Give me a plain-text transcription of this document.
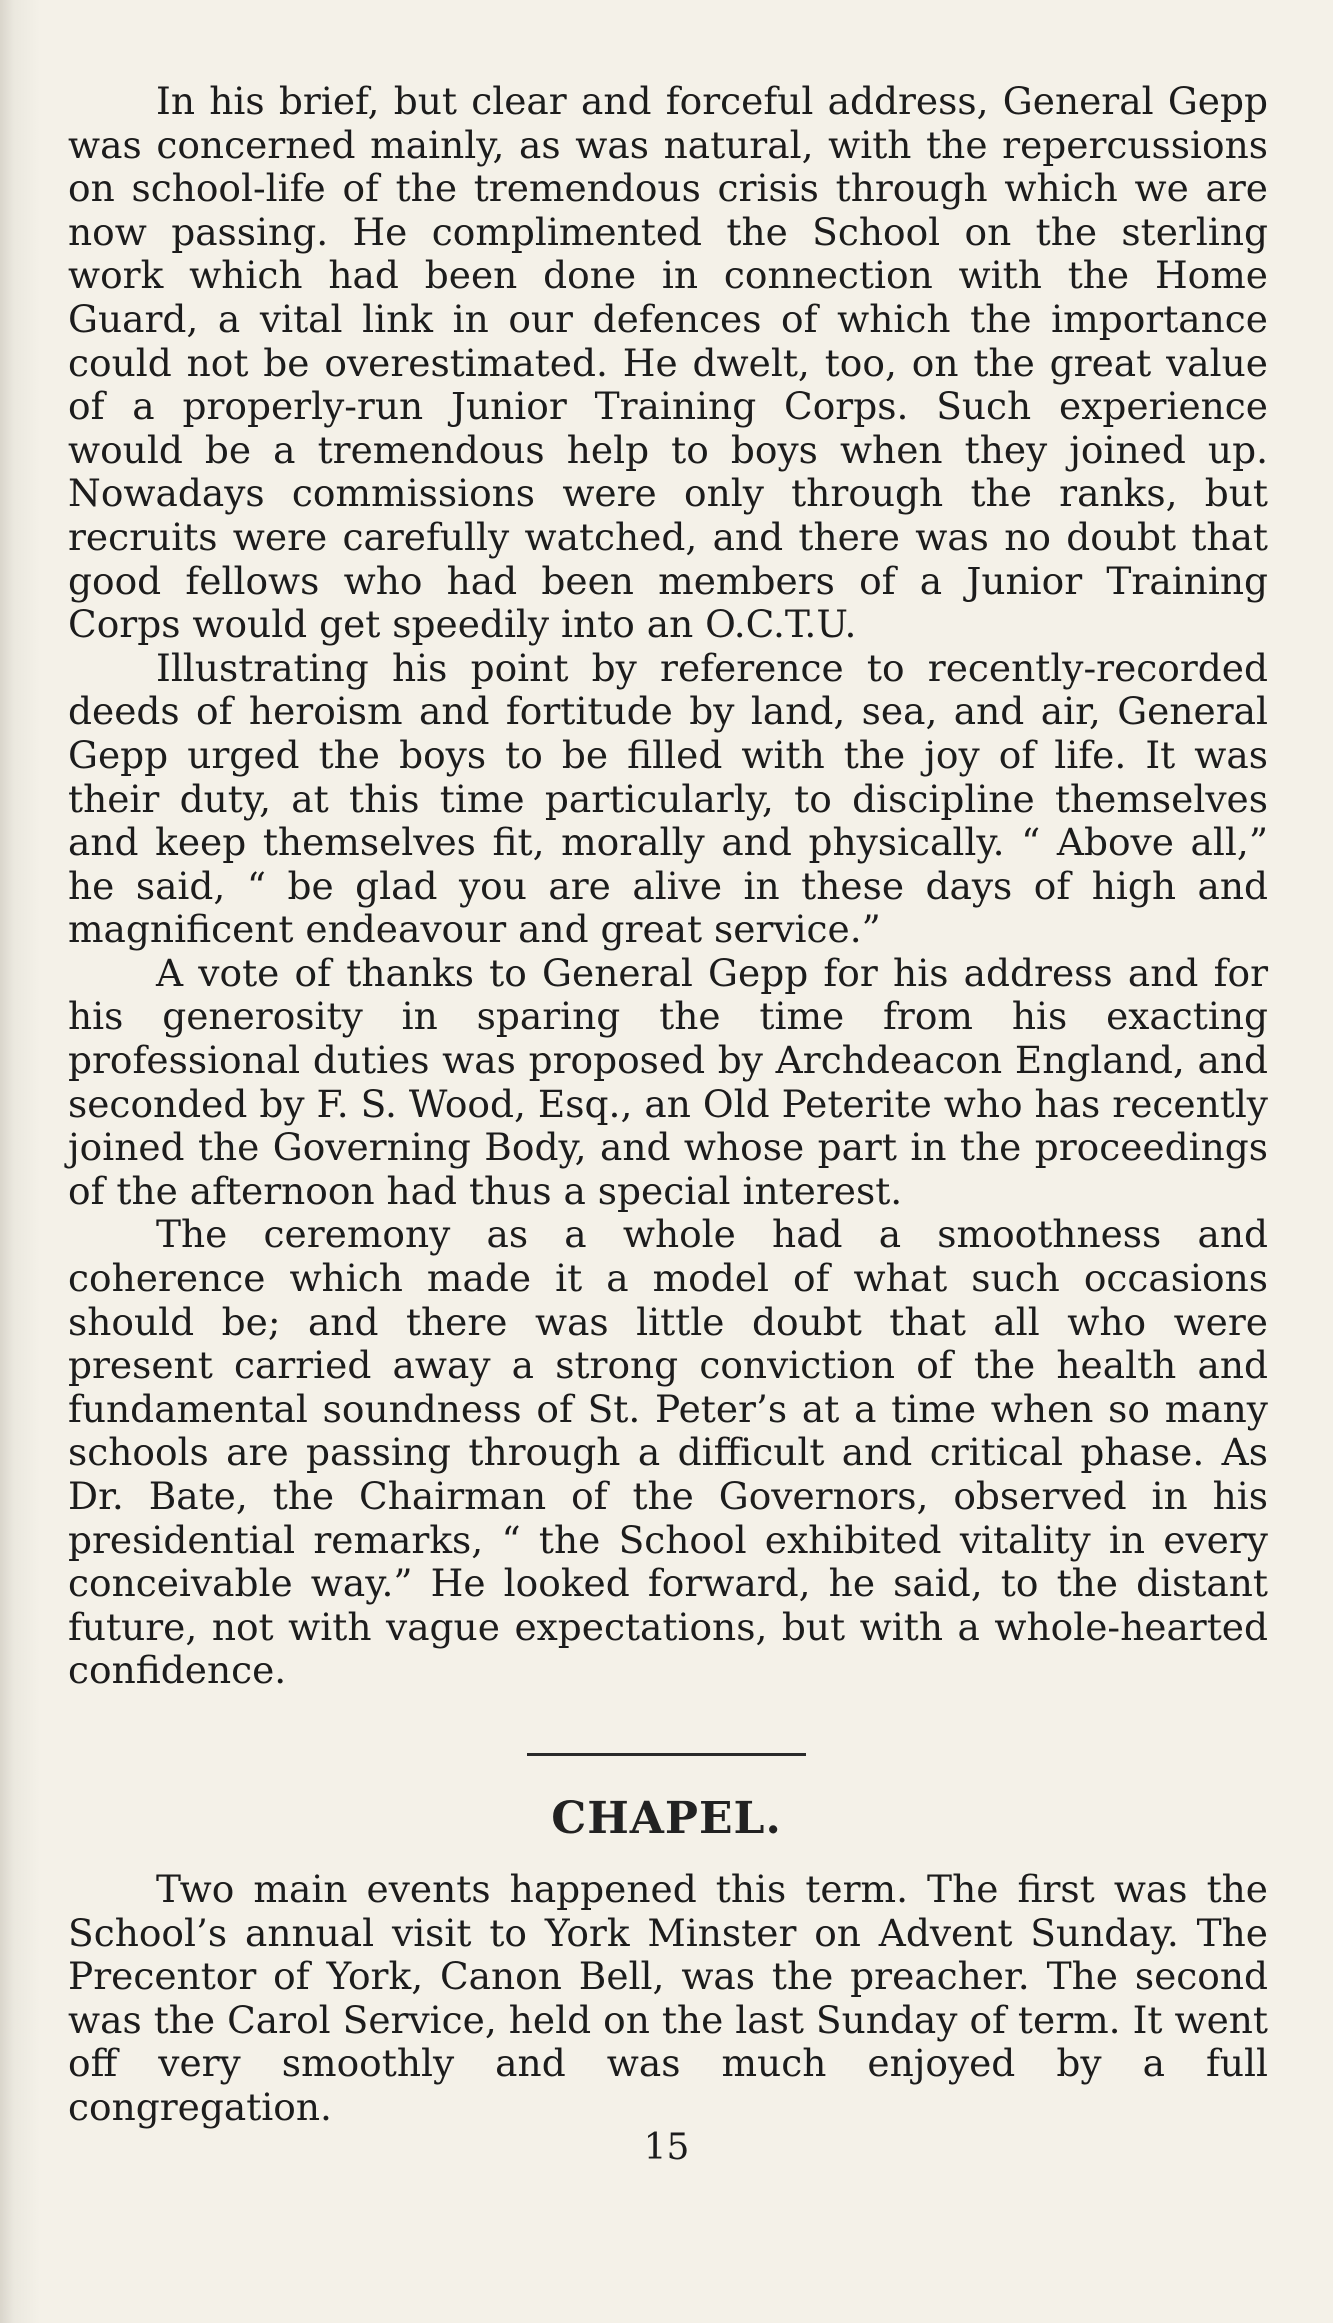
In his brief, but clear and forceful address, General Gepp was concerned mainly, as was natural, with the repercussions on school-life of the tremendous crisis through which we are now passing. He complimented the School on the sterling work which had been done in connection with the Home Guard, a vital link in our defences of which the importance could not be overestimated. He dwelt, too, on the great value of a properly-run Junior Training Corps. Such experience would be a tremendous help to boys when they joined up. Nowadays commissions were only through the ranks, but recruits were carefully watched, and there was no doubt that good fellows who had been members of a Junior Training Corps would get speedily into an O.C.T.U.

Illustrating his point by reference to recently-recorded deeds of heroism and fortitude by land, sea, and air, General Gepp urged the boys to be filled with the joy of life. It was their duty, at this time particularly, to discipline themselves and keep themselves fit, morally and physically. “ Above all,” he said, “ be glad you are alive in these days of high and magnificent endeavour and great service.”

A vote of thanks to General Gepp for his address and for his generosity in sparing the time from his exacting professional duties was proposed by Archdeacon England, and seconded by F. S. Wood, Esq., an Old Peterite who has recently joined the Governing Body, and whose part in the proceedings of the afternoon had thus a special interest.

The ceremony as a whole had a smoothness and coherence which made it a model of what such occasions should be; and there was little doubt that all who were present carried away a strong conviction of the health and fundamental soundness of St. Peter’s at a time when so many schools are passing through a difficult and critical phase. As Dr. Bate, the Chairman of the Governors, observed in his presidential remarks, “ the School exhibited vitality in every conceivable way.” He looked forward, he said, to the distant future, not with vague expectations, but with a whole-hearted confidence.

CHAPEL.

Two main events happened this term. The first was the School’s annual visit to York Minster on Advent Sunday. The Precentor of York, Canon Bell, was the preacher. The second was the Carol Service, held on the last Sunday of term. It went off very smoothly and was much enjoyed by a full congregation.

15
